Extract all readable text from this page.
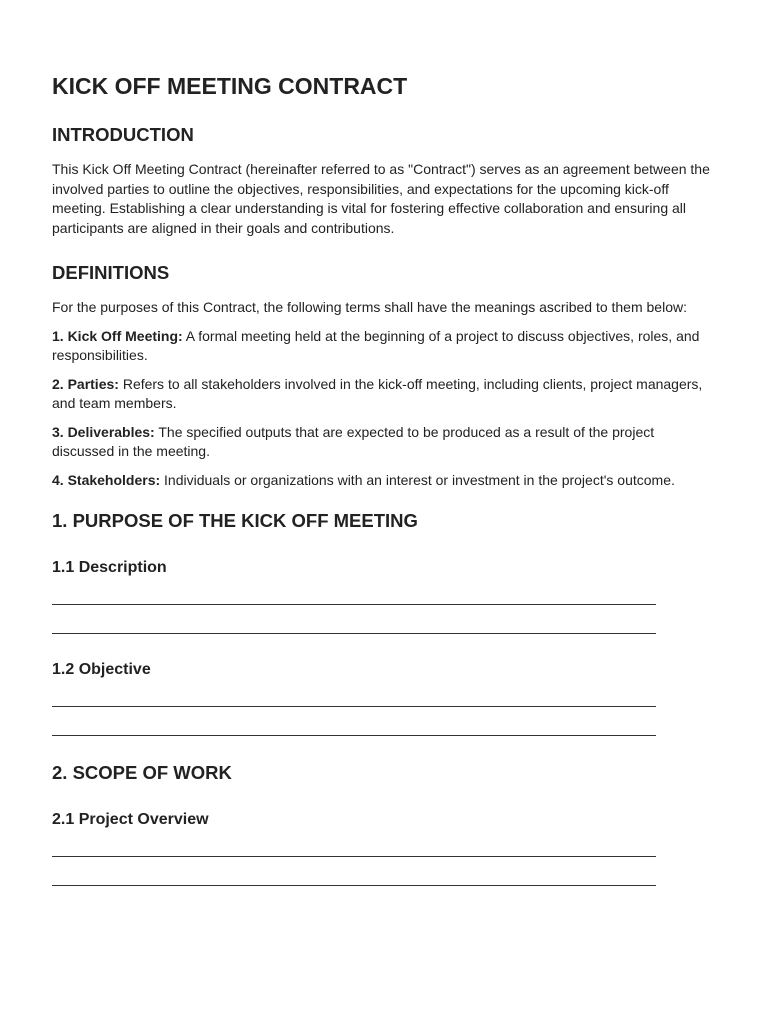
KICK OFF MEETING CONTRACT
INTRODUCTION

This Kick Off Meeting Contract (hereinafter referred to as "Contract") serves as an agreement between the involved parties to outline the objectives, responsibilities, and expectations for the upcoming kick-off meeting. Establishing a clear understanding is vital for fostering effective collaboration and ensuring all participants are aligned in their goals and contributions.

DEFINITIONS

For the purposes of this Contract, the following terms shall have the meanings ascribed to them below:

1. Kick Off Meeting: A formal meeting held at the beginning of a project to discuss objectives, roles, and responsibilities.

2. Parties: Refers to all stakeholders involved in the kick-off meeting, including clients, project managers, and team members.

3. Deliverables: The specified outputs that are expected to be produced as a result of the project discussed in the meeting.

4. Stakeholders: Individuals or organizations with an interest or investment in the project's outcome.

1. PURPOSE OF THE KICK OFF MEETING
1.1 Description
1.2 Objective
2. SCOPE OF WORK
2.1 Project Overview
